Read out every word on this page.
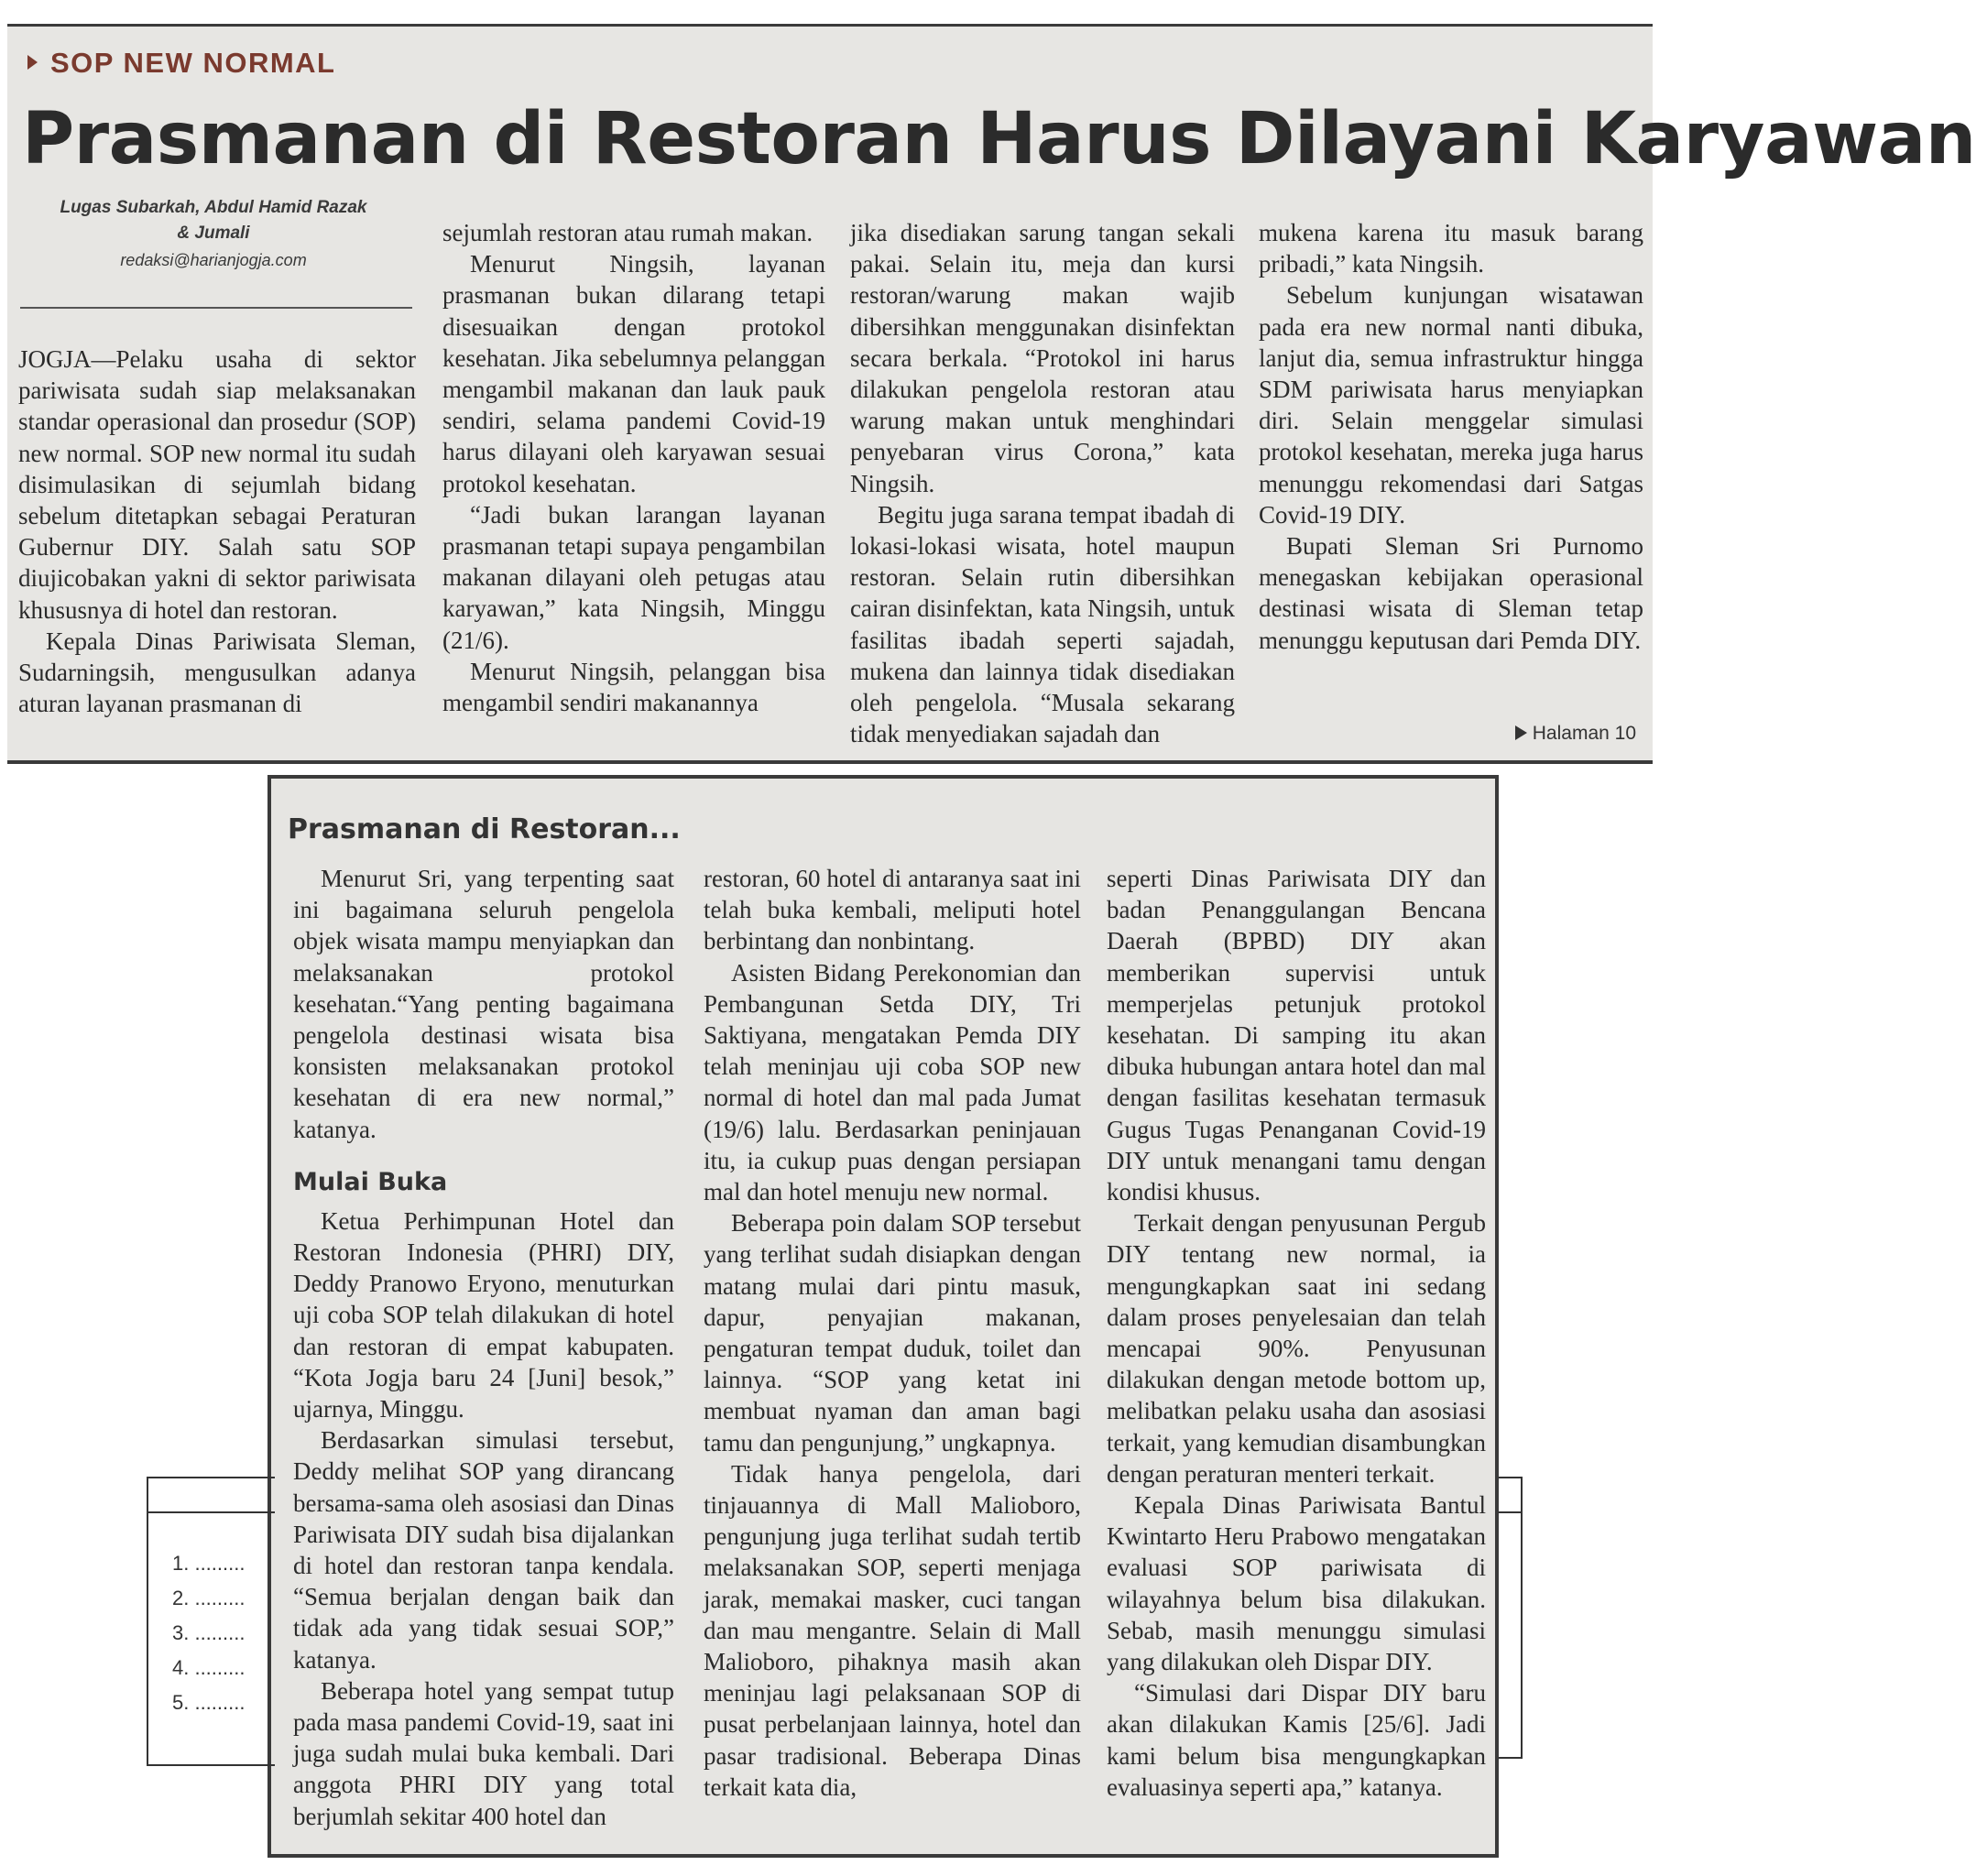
SOP NEW NORMAL
Prasmanan di Restoran Harus Dilayani Karyawan
Lugas Subarkah, Abdul Hamid Razak
& Jumali
redaksi@harianjogja.com

JOGJA—Pelaku usaha di sektor pariwisata sudah siap melaksanakan standar operasional dan prosedur (SOP) new normal. SOP new normal itu sudah disimulasikan di sejumlah bidang sebelum ditetapkan sebagai Peraturan Gubernur DIY. Salah satu SOP diujicobakan yakni di sektor pariwisata khususnya di hotel dan restoran.

Kepala Dinas Pariwisata Sleman, Sudarningsih, mengusulkan adanya aturan layanan prasmanan di

sejumlah restoran atau rumah makan.

Menurut Ningsih, layanan prasmanan bukan dilarang tetapi disesuaikan dengan protokol kesehatan. Jika sebelumnya pelanggan mengambil makanan dan lauk pauk sendiri, selama pandemi Covid-19 harus dilayani oleh karyawan sesuai protokol kesehatan.

“Jadi bukan larangan layanan prasmanan tetapi supaya pengambilan makanan dilayani oleh petugas atau karyawan,” kata Ningsih, Minggu (21/6).

Menurut Ningsih, pelanggan bisa mengambil sendiri makanannya

jika disediakan sarung tangan sekali pakai. Selain itu, meja dan kursi restoran/warung makan wajib dibersihkan menggunakan disinfektan secara berkala. “Protokol ini harus dilakukan pengelola restoran atau warung makan untuk menghindari penyebaran virus Corona,” kata Ningsih.

Begitu juga sarana tempat ibadah di lokasi-lokasi wisata, hotel maupun restoran. Selain rutin dibersihkan cairan disinfektan, kata Ningsih, untuk fasilitas ibadah seperti sajadah, mukena dan lainnya tidak disediakan oleh pengelola. “Musala sekarang tidak menyediakan sajadah dan

mukena karena itu masuk barang pribadi,” kata Ningsih.

Sebelum kunjungan wisatawan pada era new normal nanti dibuka, lanjut dia, semua infrastruktur hingga SDM pariwisata harus menyiapkan diri. Selain menggelar simulasi protokol kesehatan, mereka juga harus menunggu rekomendasi dari Satgas Covid-19 DIY.

Bupati Sleman Sri Purnomo menegaskan kebijakan operasional destinasi wisata di Sleman tetap menunggu keputusan dari Pemda DIY.

Halaman 10
Prasmanan di Restoran...

Menurut Sri, yang terpenting saat ini bagaimana seluruh pengelola objek wisata mampu menyiapkan dan melaksanakan protokol kesehatan.“Yang penting bagaimana pengelola destinasi wisata bisa konsisten melaksanakan protokol kesehatan di era new normal,” katanya.

Mulai Buka

Ketua Perhimpunan Hotel dan Restoran Indonesia (PHRI) DIY, Deddy Pranowo Eryono, menuturkan uji coba SOP telah dilakukan di hotel dan restoran di empat kabupaten. “Kota Jogja baru 24 [Juni] besok,” ujarnya, Minggu.

Berdasarkan simulasi tersebut, Deddy melihat SOP yang dirancang bersama-sama oleh asosiasi dan Dinas Pariwisata DIY sudah bisa dijalankan di hotel dan restoran tanpa kendala. “Semua berjalan dengan baik dan tidak ada yang tidak sesuai SOP,” katanya.

Beberapa hotel yang sempat tutup pada masa pandemi Covid-19, saat ini juga sudah mulai buka kembali. Dari anggota PHRI DIY yang total berjumlah sekitar 400 hotel dan

restoran, 60 hotel di antaranya saat ini telah buka kembali, meliputi hotel berbintang dan nonbintang.

Asisten Bidang Perekonomian dan Pembangunan Setda DIY, Tri Saktiyana, mengatakan Pemda DIY telah meninjau uji coba SOP new normal di hotel dan mal pada Jumat (19/6) lalu. Berdasarkan peninjauan itu, ia cukup puas dengan persiapan mal dan hotel menuju new normal.

Beberapa poin dalam SOP tersebut yang terlihat sudah disiapkan dengan matang mulai dari pintu masuk, dapur, penyajian makanan, pengaturan tempat duduk, toilet dan lainnya. “SOP yang ketat ini membuat nyaman dan aman bagi tamu dan pengunjung,” ungkapnya.

Tidak hanya pengelola, dari tinjauannya di Mall Malioboro, pengunjung juga terlihat sudah tertib melaksanakan SOP, seperti menjaga jarak, memakai masker, cuci tangan dan mau mengantre. Selain di Mall Malioboro, pihaknya masih akan meninjau lagi pelaksanaan SOP di pusat perbelanjaan lainnya, hotel dan pasar tradisional. Beberapa Dinas terkait kata dia,

seperti Dinas Pariwisata DIY dan badan Penanggulangan Bencana Daerah (BPBD) DIY akan memberikan supervisi untuk memperjelas petunjuk protokol kesehatan. Di samping itu akan dibuka hubungan antara hotel dan mal dengan fasilitas kesehatan termasuk Gugus Tugas Penanganan Covid-19 DIY untuk menangani tamu dengan kondisi khusus.

Terkait dengan penyusunan Pergub DIY tentang new normal, ia mengungkapkan saat ini sedang dalam proses penyelesaian dan telah mencapai 90%. Penyusunan dilakukan dengan metode bottom up, melibatkan pelaku usaha dan asosiasi terkait, yang kemudian disambungkan dengan peraturan menteri terkait.

Kepala Dinas Pariwisata Bantul Kwintarto Heru Prabowo mengatakan evaluasi SOP pariwisata di wilayahnya belum bisa dilakukan. Sebab, masih menunggu simulasi yang dilakukan oleh Dispar DIY.

“Simulasi dari Dispar DIY baru akan dilakukan Kamis [25/6]. Jadi kami belum bisa mengungkapkan evaluasinya seperti apa,” katanya.

1. .........
2. .........
3. .........
4. .........
5. .........
